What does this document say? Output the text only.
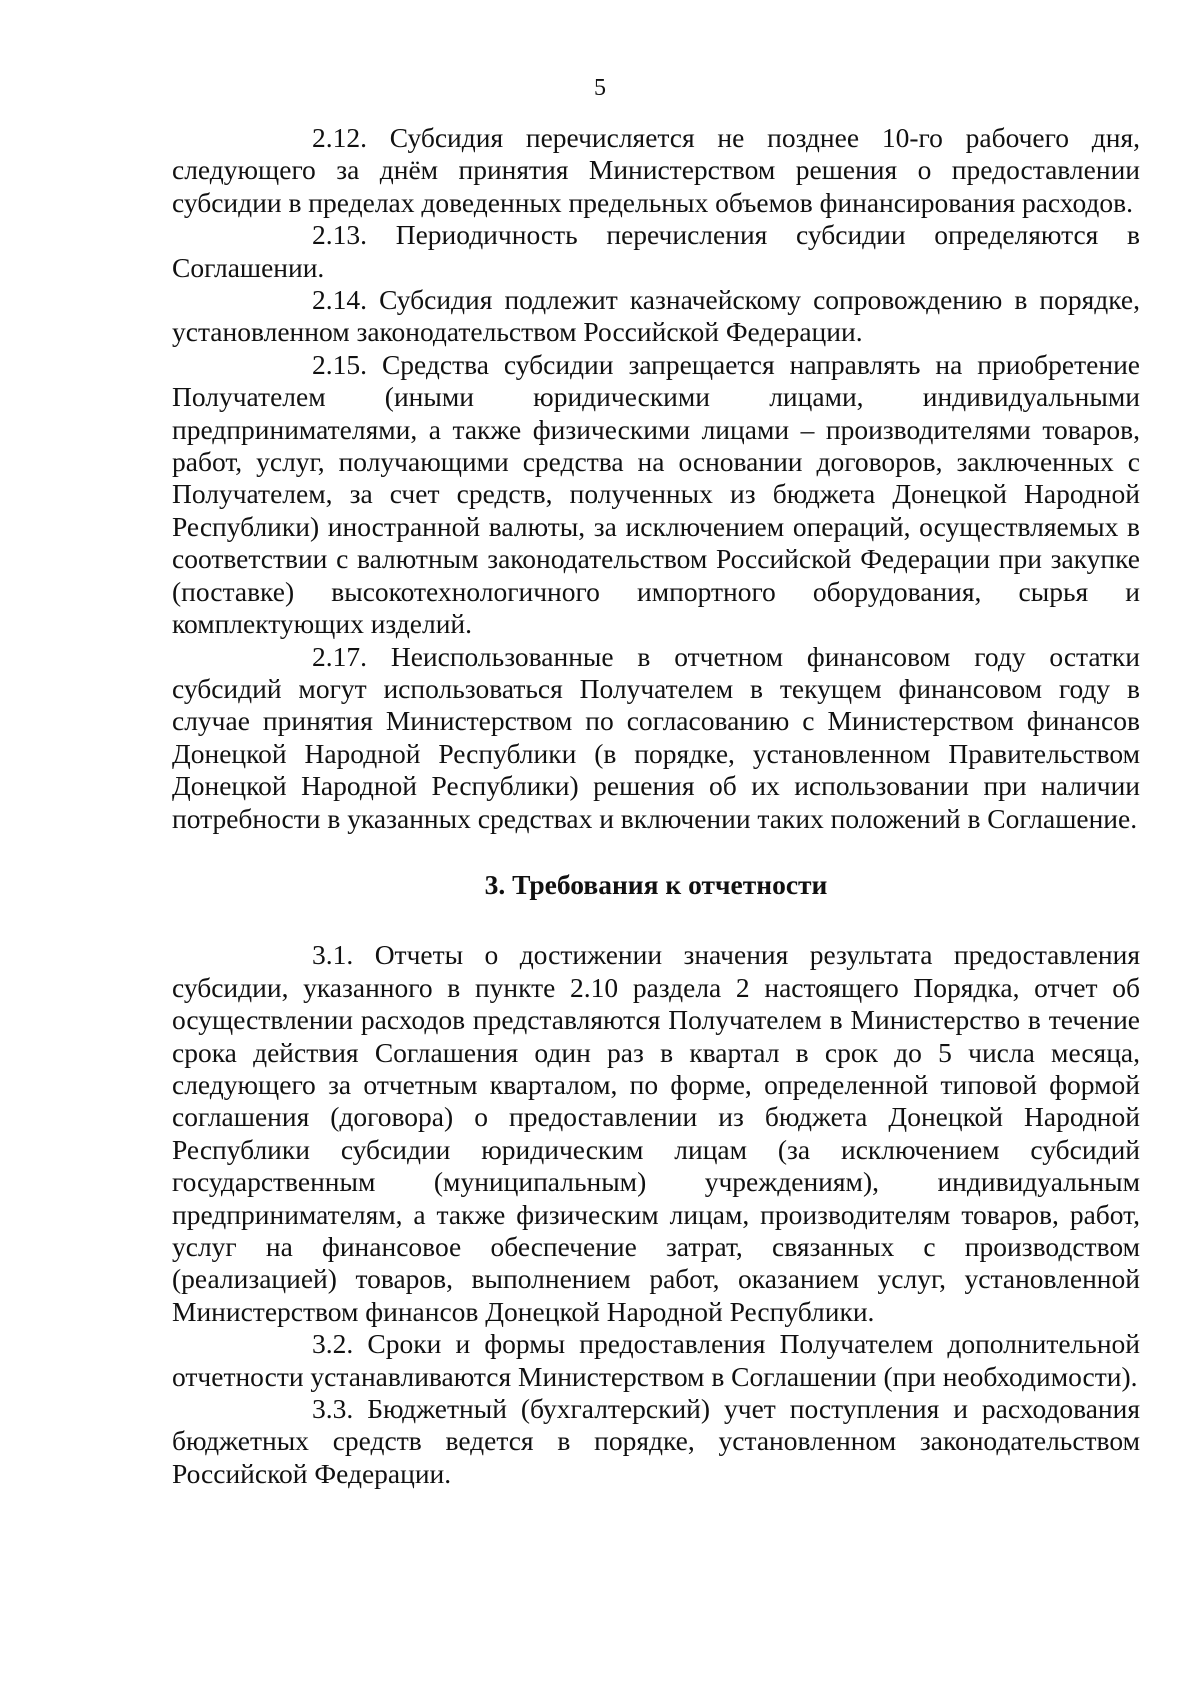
5

2.12. Субсидия перечисляется не позднее 10-го рабочего дня, следующего за днём принятия Министерством решения о предоставлении субсидии в пределах доведенных предельных объемов финансирования расходов.

2.13. Периодичность перечисления субсидии определяются в Соглашении.

2.14. Субсидия подлежит казначейскому сопровождению в порядке, установленном законодательством Российской Федерации.

2.15. Средства субсидии запрещается направлять на приобретение Получателем (иными юридическими лицами, индивидуальными предпринимателями, а также физическими лицами – производителями товаров, работ, услуг, получающими средства на основании договоров, заключенных с Получателем, за счет средств, полученных из бюджета Донецкой Народной Республики) иностранной валюты, за исключением операций, осуществляемых в соответствии с валютным законодательством Российской Федерации при закупке (поставке) высокотехнологичного импортного оборудования, сырья и комплектующих изделий.

2.17. Неиспользованные в отчетном финансовом году остатки субсидий могут использоваться Получателем в текущем финансовом году в случае принятия Министерством по согласованию с Министерством финансов Донецкой Народной Республики (в порядке, установленном Правительством Донецкой Народной Республики) решения об их использовании при наличии потребности в указанных средствах и включении таких положений в Соглашение.

3. Требования к отчетности

3.1. Отчеты о достижении значения результата предоставления субсидии, указанного в пункте 2.10 раздела 2 настоящего Порядка, отчет об осуществлении расходов представляются Получателем в Министерство в течение срока действия Соглашения один раз в квартал в срок до 5 числа месяца, следующего за отчетным кварталом, по форме, определенной типовой формой соглашения (договора) о предоставлении из бюджета Донецкой Народной Республики субсидии юридическим лицам (за исключением субсидий государственным (муниципальным) учреждениям), индивидуальным предпринимателям, а также физическим лицам, производителям товаров, работ, услуг на финансовое обеспечение затрат, связанных с производством (реализацией) товаров, выполнением работ, оказанием услуг, установленной Министерством финансов Донецкой Народной Республики.

3.2. Сроки и формы предоставления Получателем дополнительной отчетности устанавливаются Министерством в Соглашении (при необходимости).

3.3. Бюджетный (бухгалтерский) учет поступления и расходования бюджетных средств ведется в порядке, установленном законодательством Российской Федерации.
